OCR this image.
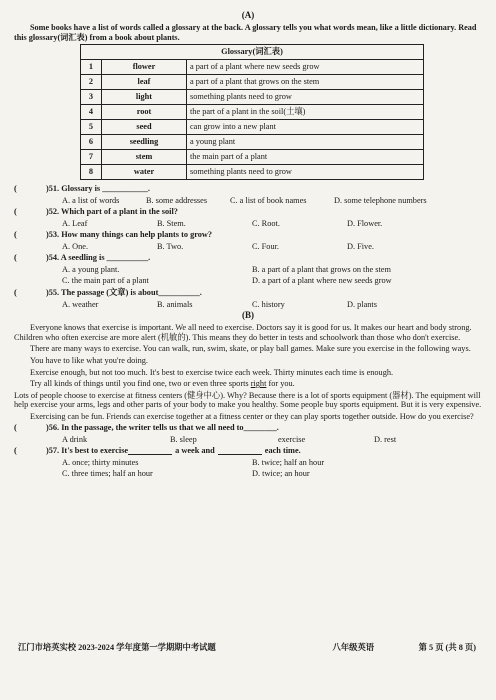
(A)
Some books have a list of words called a glossary at the back. A glossary tells you what words mean, like a little dictionary. Read this glossary(词汇表) from a book about plants.
Glossary(词汇表)		
1	flower	a part of a plant where new seeds grow
2	leaf	a part of a plant that grows on the stem
3	light	something plants need to grow
4	root	the part of a plant in the soil(土壤)
5	seed	can grow into a new plant
6	seedling	a young plant
7	stem	the main part of a plant
8	water	something plants need to grow
(	)51. Glossary is ___________.
A. a list of words	B. some addresses	C. a list of book names	D. some telephone numbers
(	)52. Which part of a plant in the soil?
A. Leaf	B. Stem.	C. Root.	D. Flower.
(	)53. How many things can help plants to grow?
A. One.	B. Two.	C. Four.	D. Five.
(	)54. A seedling is __________.
A. a young plant.	B. a part of a plant that grows on the stem
C. the main part of a plant	D. a part of a plant where new seeds grow
(	)55. The passage (文章) is about__________.
A. weather	B. animals	C. history	D. plants
(B)

Everyone knows that exercise is important. We all need to exercise. Doctors say it is good for us. It makes our heart and body strong. Children who often exercise are more alert (机敏的). This means they do better in tests and schoolwork than those who don't exercise.

There are many ways to exercise. You can walk, run, swim, skate, or play ball games. Make sure you exercise in the following ways.

You have to like what you're doing.

Exercise enough, but not too much. It's best to exercise twice each week. Thirty minutes each time is enough.

Try all kinds of things until you find one, two or even three sports right for you.

Lots of people choose to exercise at fitness centers (健身中心). Why? Because there is a lot of sports equipment (器材). The equipment will help exercise your arms, legs and other parts of your body to make you healthy. Some people buy sports equipment. But it is very expensive.

Exercising can be fun. Friends can exercise together at a fitness center or they can play sports together outside. How do you exercise?

(	)56. In the passage, the writer tells us that we all need to________.
A drink	B. sleep	exercise	D. rest
(	)57. It's best to exercise	a week and	each time.
A. once; thirty minutes	B. twice; half an hour
C. three times; half an hour	D. twice; an hour
江门市培英实校 2023-2024 学年度第一学期期中考试题	八年级英语	第 5 页 (共 8 页)
